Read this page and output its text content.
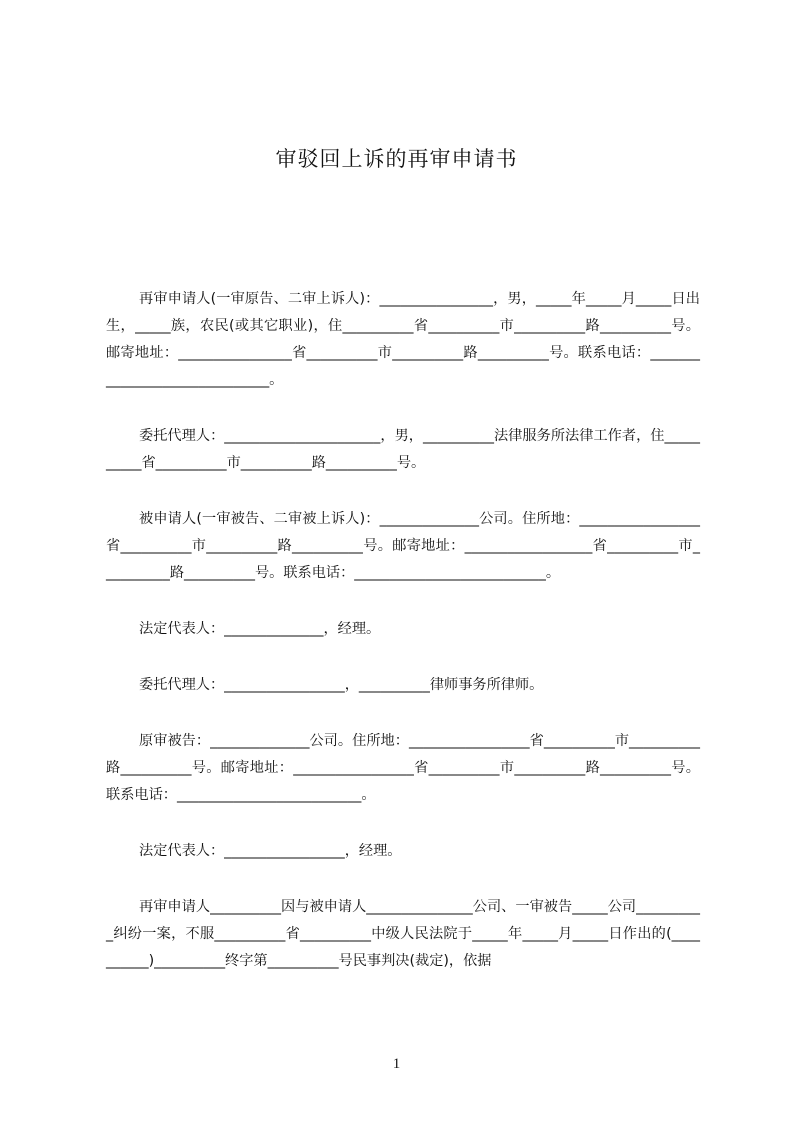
审驳回上诉的再审申请书

再审申请人(一审原告、二审上诉人)：________________，男，_____年_____月_____日出生，_____族，农民(或其它职业)，住__________省__________市__________路__________号。邮寄地址：________________省__________市__________路__________号。联系电话：______________________________。

委托代理人：______________________，男，__________法律服务所法律工作者，住__________省__________市__________路__________号。

被申请人(一审被告、二审被上诉人)：______________公司。住所地：_________________省__________市__________路__________号。邮寄地址：__________________省__________市__________路__________号。联系电话：___________________________。

法定代表人：______________，经理。

委托代理人：_________________，__________律师事务所律师。

原审被告：______________公司。住所地：_________________省__________市__________路__________号。邮寄地址：_________________省__________市__________路__________号。联系电话：__________________________。

法定代表人：_________________，经理。

再审申请人__________因与被申请人_______________公司、一审被告_____公司__________纠纷一案，不服__________省__________中级人民法院于_____年_____月_____日作出的(__________)__________终字第__________号民事判决(裁定)，依据

1
